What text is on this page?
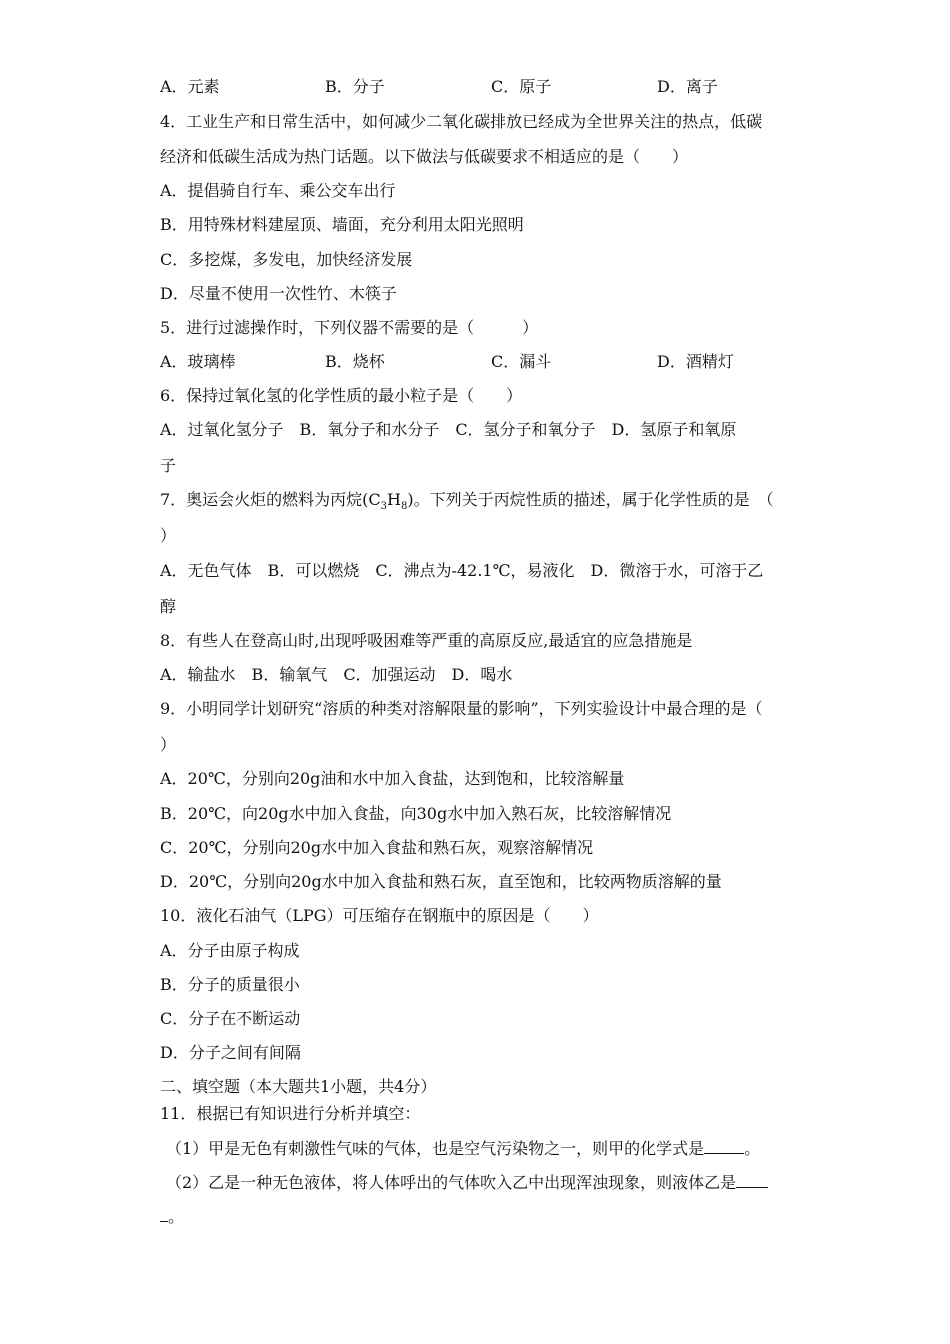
A．元素	B．分子	C．原子	D．离子
4．工业生产和日常生活中，如何减少二氧化碳排放已经成为全世界关注的热点，低碳
经济和低碳生活成为热门话题。以下做法与低碳要求不相适应的是（　　）
A．提倡骑自行车、乘公交车出行
B．用特殊材料建屋顶、墙面，充分利用太阳光照明
C．多挖煤，多发电，加快经济发展
D．尽量不使用一次性竹、木筷子
5．进行过滤操作时，下列仪器不需要的是（　　　）
A．玻璃棒	B．烧杯	C．漏斗	D．酒精灯
6．保持过氧化氢的化学性质的最小粒子是（　　）
A．过氧化氢分子　B．氧分子和水分子　C．氢分子和氧分子　D．氢原子和氧原
子
7．奥运会火炬的燃料为丙烷$(C_3H_8)$。下列关于丙烷性质的描述，属于化学性质的是　（
）
A．无色气体　B．可以燃烧　C．沸点为-42.1℃，易液化　D．微溶于水，可溶于乙
醇
8．有些人在登高山时,出现呼吸困难等严重的高原反应,最适宜的应急措施是
A．输盐水　B．输氧气　C．加强运动　D．喝水
9．小明同学计划研究“溶质的种类对溶解限量的影响”，下列实验设计中最合理的是（
）
A．20℃，分别向20g油和水中加入食盐，达到饱和，比较溶解量
B．20℃，向20g水中加入食盐，向30g水中加入熟石灰，比较溶解情况
C．20℃，分别向20g水中加入食盐和熟石灰，观察溶解情况
D．20℃，分别向20g水中加入食盐和熟石灰，直至饱和，比较两物质溶解的量
10．液化石油气（LPG）可压缩存在钢瓶中的原因是（　　）
A．分子由原子构成
B．分子的质量很小
C．分子在不断运动
D．分子之间有间隔
二、填空题（本大题共1小题，共4分）
11．根据已有知识进行分析并填空：
（1）甲是无色有刺激性气味的气体，也是空气污染物之一，则甲的化学式是	。
（2）乙是一种无色液体，将人体呼出的气体吹入乙中出现浑浊现象，则液体乙是
。
